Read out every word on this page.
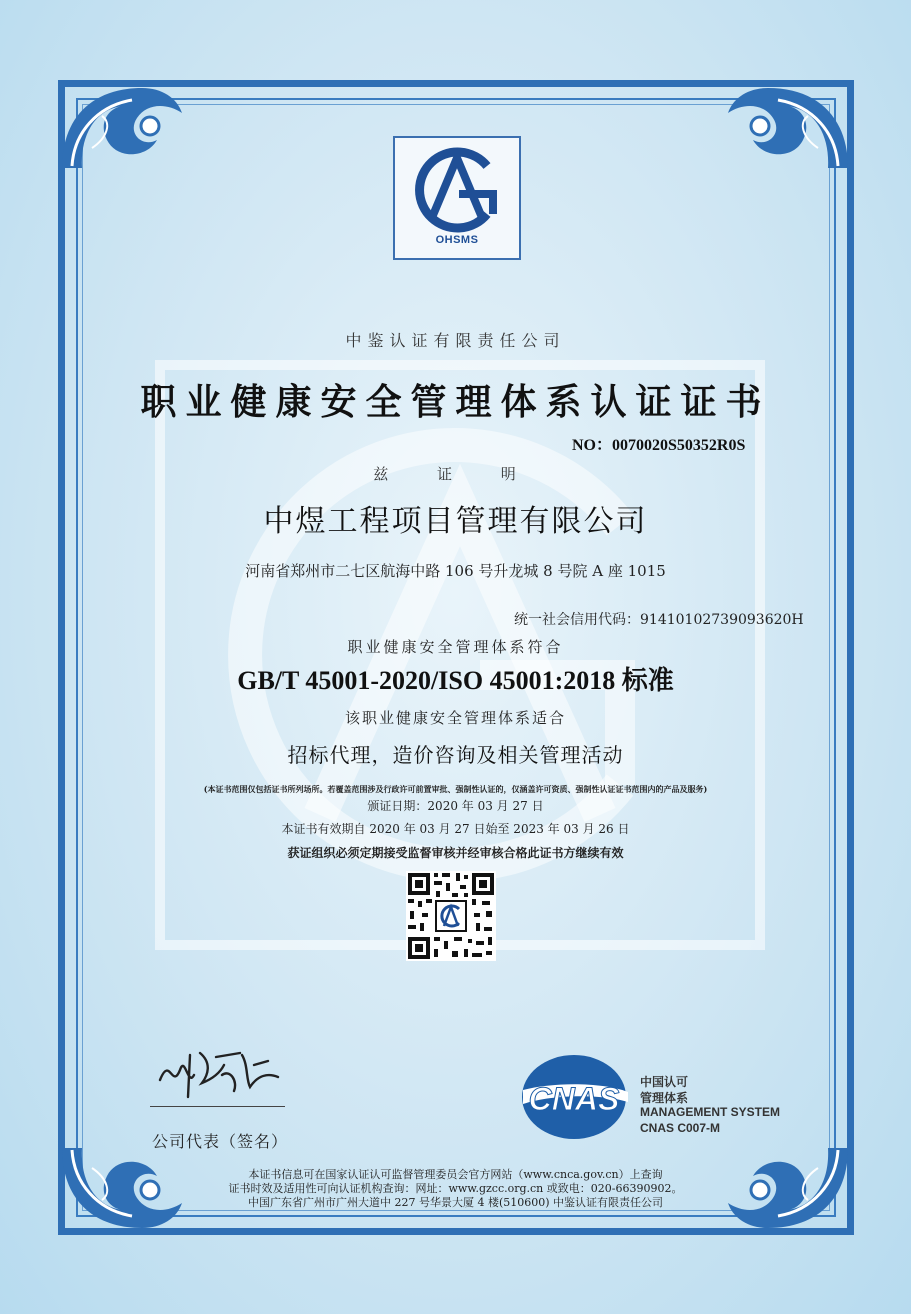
OHSMS
中鉴认证有限责任公司
职业健康安全管理体系认证证书
NO：0070020S50352R0S
兹 证 明
中煜工程项目管理有限公司
河南省郑州市二七区航海中路 106 号升龙城 8 号院 A 座 1015
统一社会信用代码：91410102739093620H
职业健康安全管理体系符合
GB/T 45001-2020/ISO 45001:2018 标准
该职业健康安全管理体系适合
招标代理，造价咨询及相关管理活动
(本证书范围仅包括证书所列场所。若覆盖范围涉及行政许可前置审批、强制性认证的，仅涵盖许可资质、强制性认证证书范围内的产品及服务)
颁证日期：2020 年 03 月 27 日
本证书有效期自 2020 年 03 月 27 日始至 2023 年 03 月 26 日
获证组织必须定期接受监督审核并经审核合格此证书方继续有效
公司代表（签名）
CNAS 中国认可
管理体系
MANAGEMENT SYSTEM
CNAS C007-M
本证书信息可在国家认证认可监督管理委员会官方网站（www.cnca.gov.cn）上查询
证书时效及适用性可向认证机构查询：网址：www.gzcc.org.cn 或致电：020-66390902。
中国广东省广州市广州大道中 227 号华景大厦 4 楼(510600) 中鉴认证有限责任公司
